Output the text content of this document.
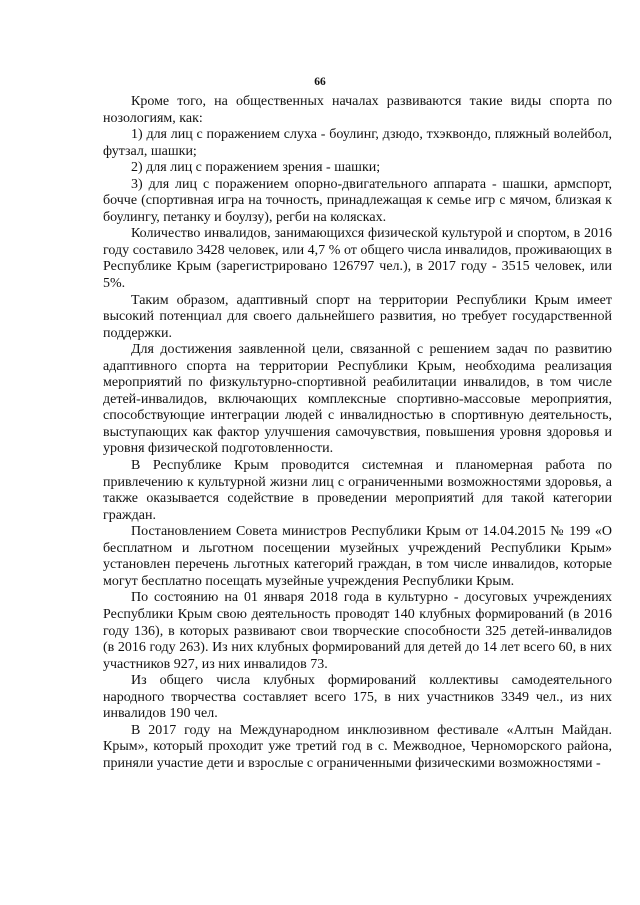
66

Кроме того, на общественных началах развиваются такие виды спорта по нозологиям, как:

1) для лиц с поражением слуха - боулинг, дзюдо, тхэквондо, пляжный волейбол, футзал, шашки;

2) для лиц с поражением зрения - шашки;

3) для лиц с поражением опорно-двигательного аппарата - шашки, армспорт, бочче (спортивная игра на точность, принадлежащая к семье игр с мячом, близкая к боулингу, петанку и боулзу), регби на колясках.

Количество инвалидов, занимающихся физической культурой и спортом, в 2016 году составило 3428 человек, или 4,7 % от общего числа инвалидов, проживающих в Республике Крым (зарегистрировано 126797 чел.), в 2017 году - 3515 человек, или 5%.

Таким образом, адаптивный спорт на территории Республики Крым имеет высокий потенциал для своего дальнейшего развития, но требует государственной поддержки.

Для достижения заявленной цели, связанной с решением задач по развитию адаптивного спорта на территории Республики Крым, необходима реализация мероприятий по физкультурно-спортивной реабилитации инвалидов, в том числе детей-инвалидов, включающих комплексные спортивно-массовые мероприятия, способствующие интеграции людей с инвалидностью в спортивную деятельность, выступающих как фактор улучшения самочувствия, повышения уровня здоровья и уровня физической подготовленности.

В Республике Крым проводится системная и планомерная работа по привлечению к культурной жизни лиц с ограниченными возможностями здоровья, а также оказывается содействие в проведении мероприятий для такой категории граждан.

Постановлением Совета министров Республики Крым от 14.04.2015 № 199 «О бесплатном и льготном посещении музейных учреждений Республики Крым» установлен перечень льготных категорий граждан, в том числе инвалидов, которые могут бесплатно посещать музейные учреждения Республики Крым.

По состоянию на 01 января 2018 года в культурно - досуговых учреждениях Республики Крым свою деятельность проводят 140 клубных формирований (в 2016 году 136), в которых развивают свои творческие способности 325 детей-инвалидов (в 2016 году 263). Из них клубных формирований для детей до 14 лет всего 60, в них участников 927, из них инвалидов 73.

Из общего числа клубных формирований коллективы самодеятельного народного творчества составляет всего 175, в них участников 3349 чел., из них инвалидов 190 чел.

В 2017 году на Международном инклюзивном фестивале «Алтын Майдан. Крым», который проходит уже третий год в с. Межводное, Черноморского района, приняли участие дети и взрослые с ограниченными физическими возможностями -
